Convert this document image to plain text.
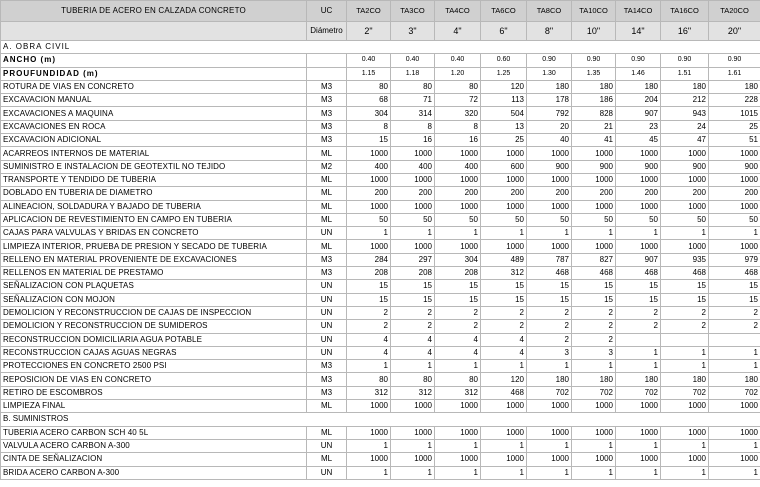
TUBERIA DE ACERO EN CALZADA CONCRETO	UC	TA2CO	TA3CO	TA4CO	TA6CO	TA8CO	TA10CO	TA14CO	TA16CO	TA20CO
	Diámetro	2"	3"	4"	6"	8"	10"	14"	16"	20"
A. OBRA CIVIL										
ANCHO (m)		0.40	0.40	0.40	0.60	0.90	0.90	0.90	0.90	0.90
PROUFUNDIDAD (m)		1.15	1.18	1.20	1.25	1.30	1.35	1.46	1.51	1.61
ROTURA DE VIAS EN CONCRETO	M3	80	80	80	120	180	180	180	180	180
EXCAVACION MANUAL	M3	68	71	72	113	178	186	204	212	228
EXCAVACIONES A MAQUINA	M3	304	314	320	504	792	828	907	943	1015
EXCAVACIONES EN ROCA	M3	8	8	8	13	20	21	23	24	25
EXCAVACION ADICIONAL	M3	15	16	16	25	40	41	45	47	51
ACARREOS INTERNOS DE MATERIAL	ML	1000	1000	1000	1000	1000	1000	1000	1000	1000
SUMINISTRO E INSTALACION DE GEOTEXTIL NO TEJIDO	M2	400	400	400	600	900	900	900	900	900
TRANSPORTE Y TENDIDO DE TUBERIA	ML	1000	1000	1000	1000	1000	1000	1000	1000	1000
DOBLADO EN TUBERIA DE DIAMETRO	ML	200	200	200	200	200	200	200	200	200
ALINEACION, SOLDADURA Y BAJADO DE TUBERIA	ML	1000	1000	1000	1000	1000	1000	1000	1000	1000
APLICACION DE REVESTIMIENTO EN CAMPO EN TUBERIA	ML	50	50	50	50	50	50	50	50	50
CAJAS PARA VALVULAS Y BRIDAS EN CONCRETO	UN	1	1	1	1	1	1	1	1	1
LIMPIEZA INTERIOR, PRUEBA DE PRESION Y SECADO DE TUBERIA	ML	1000	1000	1000	1000	1000	1000	1000	1000	1000
RELLENO EN MATERIAL PROVENIENTE DE EXCAVACIONES	M3	284	297	304	489	787	827	907	935	979
RELLENOS EN MATERIAL DE PRESTAMO	M3	208	208	208	312	468	468	468	468	468
SEÑALIZACION CON PLAQUETAS	UN	15	15	15	15	15	15	15	15	15
SEÑALIZACION CON MOJON	UN	15	15	15	15	15	15	15	15	15
DEMOLICION Y RECONSTRUCCION DE CAJAS DE INSPECCION	UN	2	2	2	2	2	2	2	2	2
DEMOLICION Y RECONSTRUCCION DE SUMIDEROS	UN	2	2	2	2	2	2	2	2	2
RECONSTRUCCION DOMICILIARIA AGUA POTABLE	UN	4	4	4	4	2	2			
RECONSTRUCCION CAJAS AGUAS NEGRAS	UN	4	4	4	4	3	3	1	1	1
PROTECCIONES EN CONCRETO 2500 PSI	M3	1	1	1	1	1	1	1	1	1
REPOSICION DE VIAS EN CONCRETO	M3	80	80	80	120	180	180	180	180	180
RETIRO DE ESCOMBROS	M3	312	312	312	468	702	702	702	702	702
LIMPIEZA FINAL	ML	1000	1000	1000	1000	1000	1000	1000	1000	1000
B. SUMINISTROS										
TUBERIA ACERO CARBON SCH 40 5L	ML	1000	1000	1000	1000	1000	1000	1000	1000	1000
VALVULA ACERO CARBON A-300	UN	1	1	1	1	1	1	1	1	1
CINTA DE SEÑALIZACION	ML	1000	1000	1000	1000	1000	1000	1000	1000	1000
BRIDA ACERO CARBON A-300	UN	1	1	1	1	1	1	1	1	1
